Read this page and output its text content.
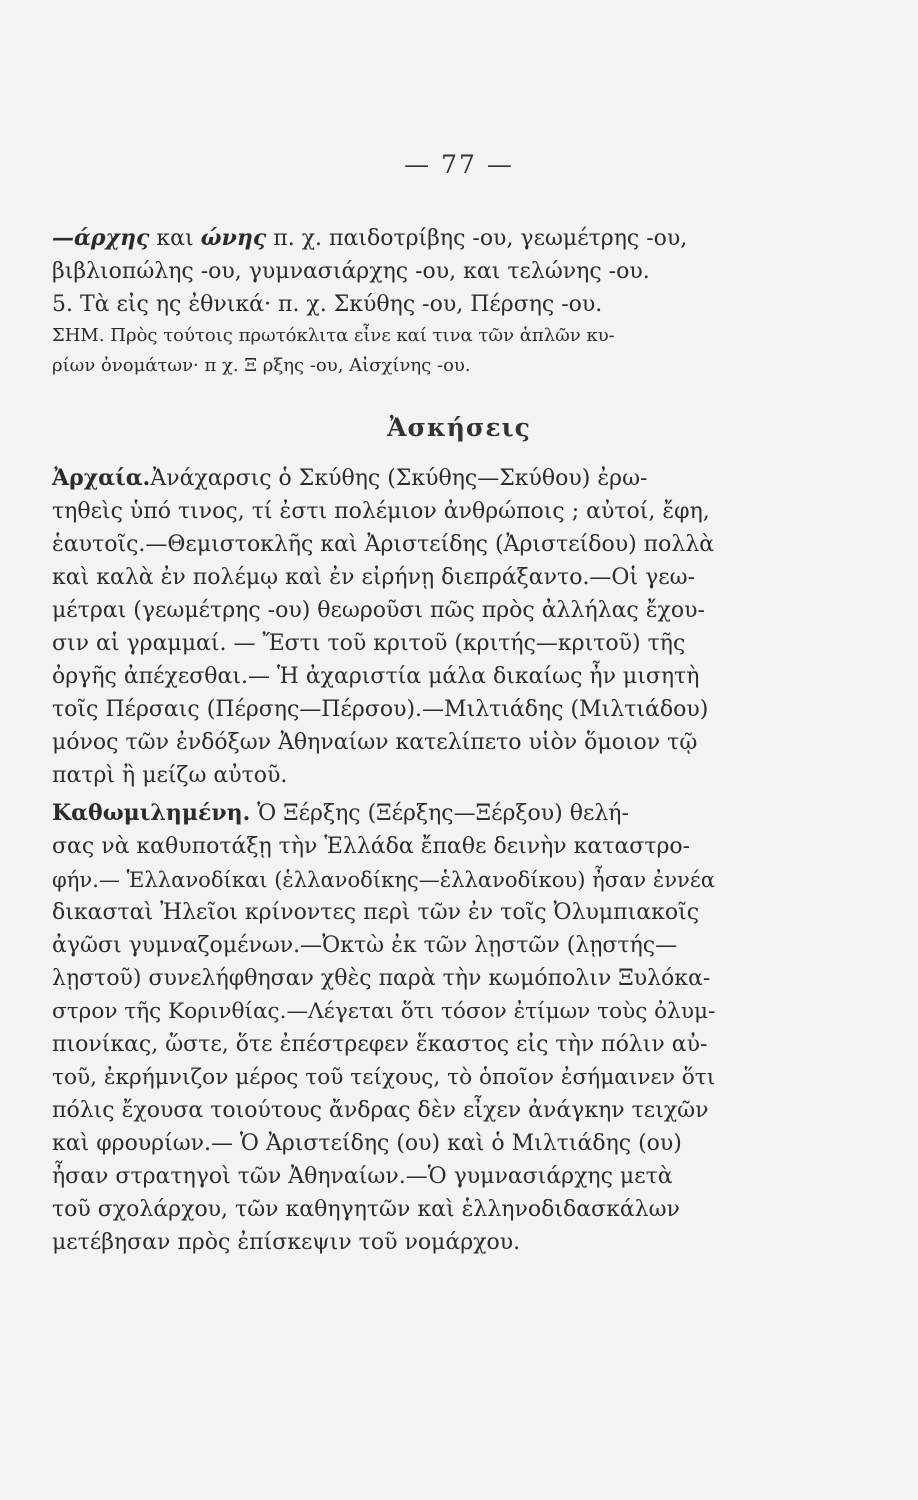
— 77 —
—άρχης και ώνης π. χ. παιδοτρίβης -ου, γεωμέτρης -ου,
βιβλιοπώλης -ου, γυμνασιάρχης -ου, και τελώνης -ου.
5. Τὰ εἰς ης ἐθνικά· π. χ. Σκύθης -ου, Πέρσης -ου.
ΣΗΜ. Πρὸς τούτοις πρωτόκλιτα εἶνε καί τινα τῶν ἁπλῶν κυ-
ρίων ὀνομάτων· π χ. Ξ ρξης -ου, Αἰσχίνης -ου.
Ἀσκήσεις
Ἀρχαία.Ἀνάχαρσις ὁ Σκύθης (Σκύθης—Σκύθου) ἐρω-
τηθεὶς ὑπό τινος, τί ἐστι πολέμιον ἀνθρώποις ; αὐτοί, ἔφη,
ἑαυτοῖς.—Θεμιστοκλῆς καὶ Ἀριστείδης (Ἀριστείδου) πολλὰ
καὶ καλὰ ἐν πολέμῳ καὶ ἐν εἰρήνῃ διεπράξαντο.—Οἱ γεω-
μέτραι (γεωμέτρης -ου) θεωροῦσι πῶς πρὸς ἀλλήλας ἔχου-
σιν αἱ γραμμαί. — Ἔστι τοῦ κριτοῦ (κριτής—κριτοῦ) τῆς
ὀργῆς ἀπέχεσθαι.— Ἡ ἀχαριστία μάλα δικαίως ἦν μισητὴ
τοῖς Πέρσαις (Πέρσης—Πέρσου).—Μιλτιάδης (Μιλτιάδου)
μόνος τῶν ἐνδόξων Ἀθηναίων κατελίπετο υἱὸν ὅμοιον τῷ
πατρὶ ἢ μείζω αὐτοῦ.
Καθωμιλημένη. Ὁ Ξέρξης (Ξέρξης—Ξέρξου) θελή-
σας νὰ καθυποτάξῃ τὴν Ἑλλάδα ἔπαθε δεινὴν καταστρο-
φήν.— Ἑλλανοδίκαι (ἑλλανοδίκης—ἑλλανοδίκου) ἦσαν ἐννέα
δικασταὶ Ἠλεῖοι κρίνοντες περὶ τῶν ἐν τοῖς Ὀλυμπιακοῖς
ἀγῶσι γυμναζομένων.—Ὀκτὼ ἐκ τῶν λῃστῶν (λῃστής—
λῃστοῦ) συνελήφθησαν χθὲς παρὰ τὴν κωμόπολιν Ξυλόκα-
στρον τῆς Κορινθίας.—Λέγεται ὅτι τόσον ἐτίμων τοὺς ὀλυμ-
πιονίκας, ὥστε, ὅτε ἐπέστρεφεν ἕκαστος εἰς τὴν πόλιν αὐ-
τοῦ, ἐκρήμνιζον μέρος τοῦ τείχους, τὸ ὁποῖον ἐσήμαινεν ὅτι
πόλις ἔχουσα τοιούτους ἄνδρας δὲν εἶχεν ἀνάγκην τειχῶν
καὶ φρουρίων.— Ὁ Ἀριστείδης (ου) καὶ ὁ Μιλτιάδης (ου)
ἦσαν στρατηγοὶ τῶν Ἀθηναίων.—Ὁ γυμνασιάρχης μετὰ
τοῦ σχολάρχου, τῶν καθηγητῶν καὶ ἑλληνοδιδασκάλων
μετέβησαν πρὸς ἐπίσκεψιν τοῦ νομάρχου.
